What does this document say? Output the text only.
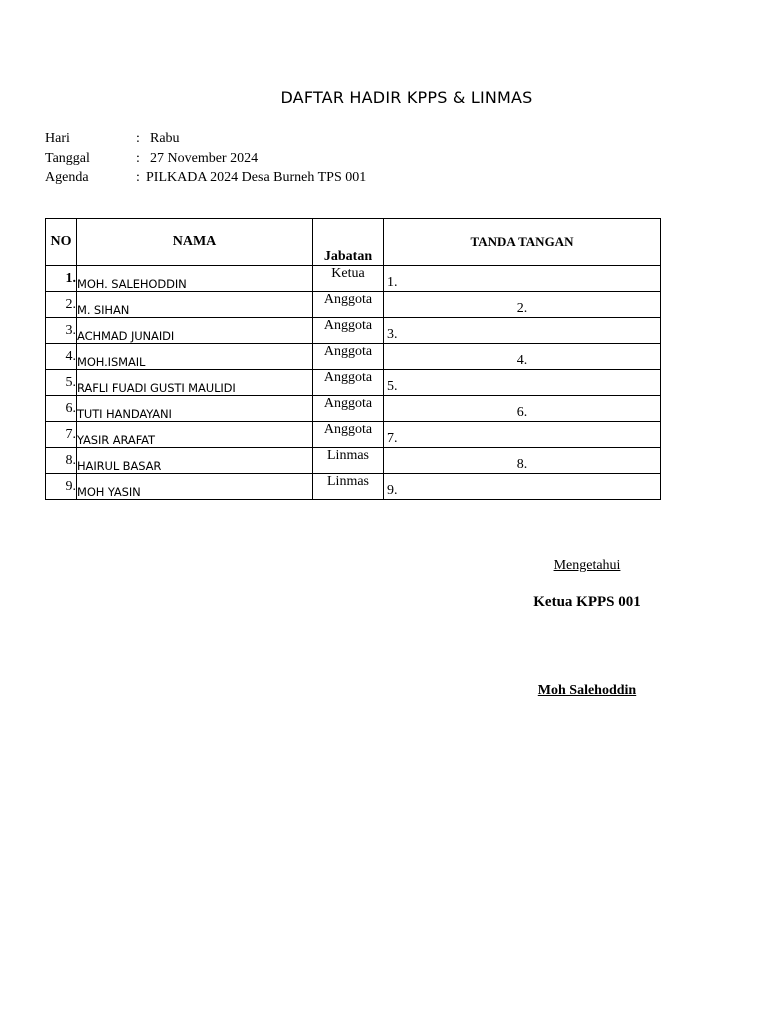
DAFTAR HADIR KPPS & LINMAS
Hari	: Rabu
Tanggal	: 27 November 2024
Agenda	: PILKADA 2024 Desa Burneh TPS 001
NO	NAMA	Jabatan	TANDA TANGAN
1.	MOH. SALEHODDIN	Ketua	1.
2.	M. SIHAN	Anggota	2.
3.	ACHMAD JUNAIDI	Anggota	3.
4.	MOH.ISMAIL	Anggota	4.
5.	RAFLI FUADI GUSTI MAULIDI	Anggota	5.
6.	TUTI HANDAYANI	Anggota	6.
7.	YASIR ARAFAT	Anggota	7.
8.	HAIRUL BASAR	Linmas	8.
9.	MOH YASIN	Linmas	9.
Mengetahui
Ketua KPPS 001
Moh Salehoddin
